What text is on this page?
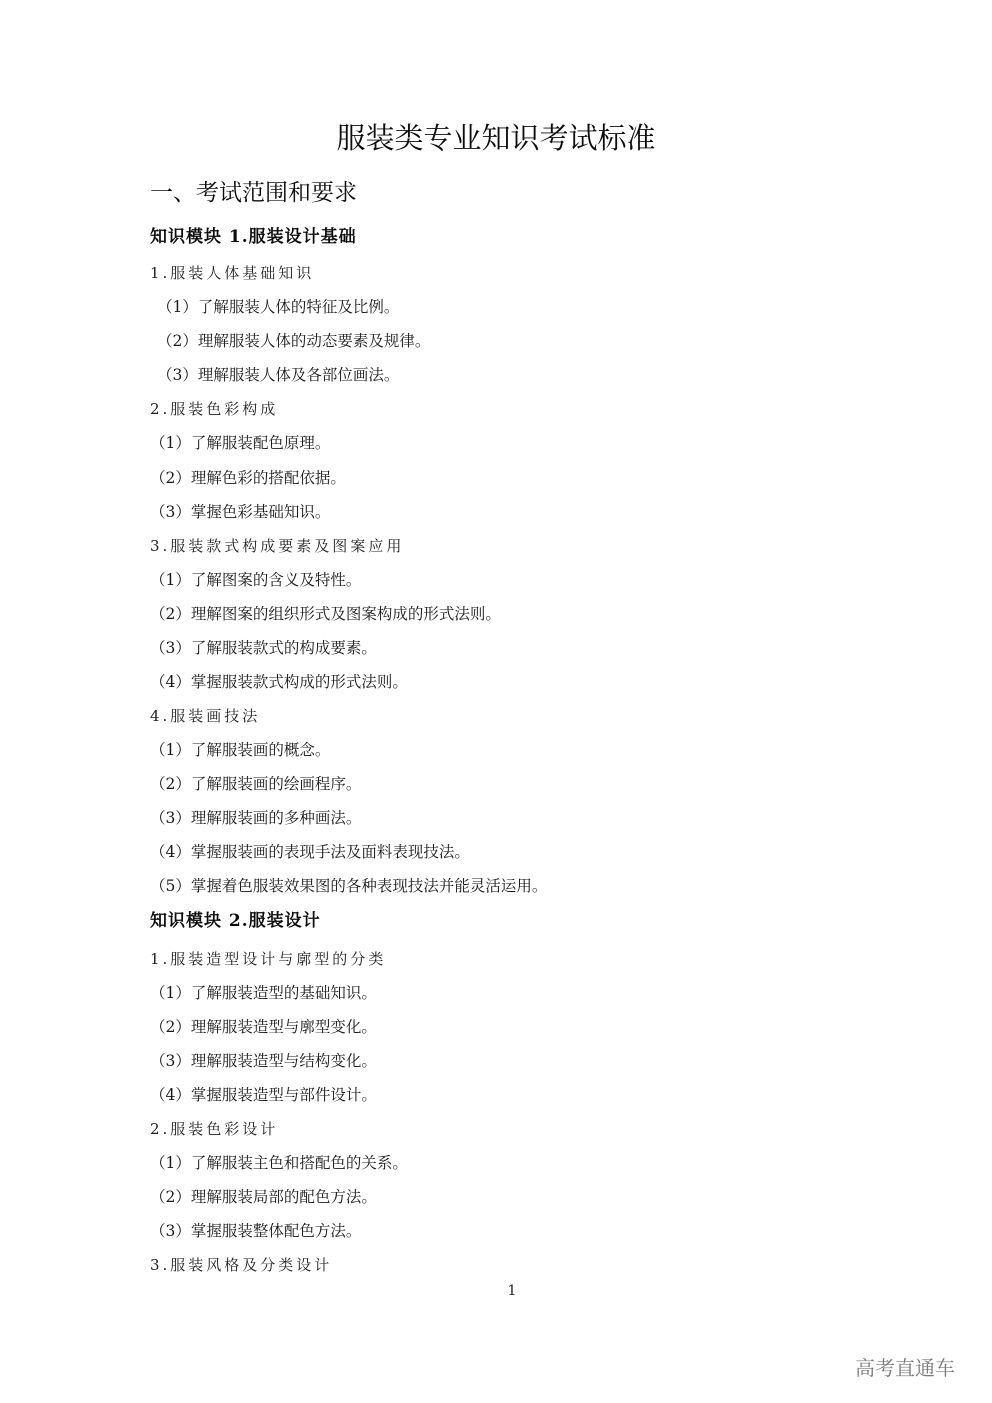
服装类专业知识考试标准
一、考试范围和要求
知识模块 1.服装设计基础
1.服装人体基础知识
（1）了解服装人体的特征及比例。
（2）理解服装人体的动态要素及规律。
（3）理解服装人体及各部位画法。
2.服装色彩构成
（1）了解服装配色原理。
（2）理解色彩的搭配依据。
（3）掌握色彩基础知识。
3.服装款式构成要素及图案应用
（1）了解图案的含义及特性。
（2）理解图案的组织形式及图案构成的形式法则。
（3）了解服装款式的构成要素。
（4）掌握服装款式构成的形式法则。
4.服装画技法
（1）了解服装画的概念。
（2）了解服装画的绘画程序。
（3）理解服装画的多种画法。
（4）掌握服装画的表现手法及面料表现技法。
（5）掌握着色服装效果图的各种表现技法并能灵活运用。
知识模块 2.服装设计
1.服装造型设计与廓型的分类
（1）了解服装造型的基础知识。
（2）理解服装造型与廓型变化。
（3）理解服装造型与结构变化。
（4）掌握服装造型与部件设计。
2.服装色彩设计
（1）了解服装主色和搭配色的关系。
（2）理解服装局部的配色方法。
（3）掌握服装整体配色方法。
3.服装风格及分类设计
1
高考直通车
